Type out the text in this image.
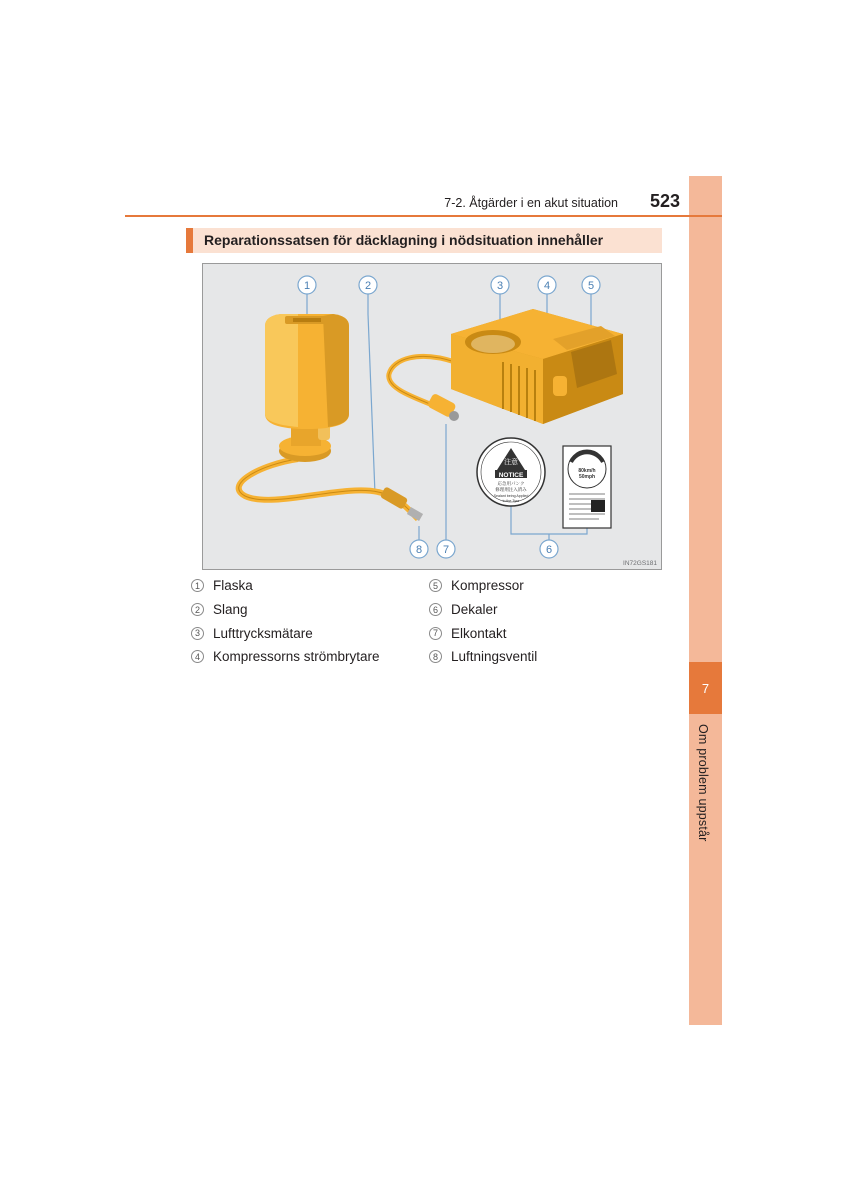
7
Om problem uppstår
7-2. Åtgärder i en akut situation 523
Reparationssatsen för däcklagning i nödsituation innehåller
1	2	3	4	5
6
7
8
注意
NOTICE
応急用パンク
修理剤注入済み
Sealant being Applied
in the Tyre
80km/h
50mph
IN72GS181
1 Flaska
2 Slang
3 Lufttrycksmätare
4 Kompressorns strömbrytare
5 Kompressor
6 Dekaler
7 Elkontakt
8 Luftningsventil
